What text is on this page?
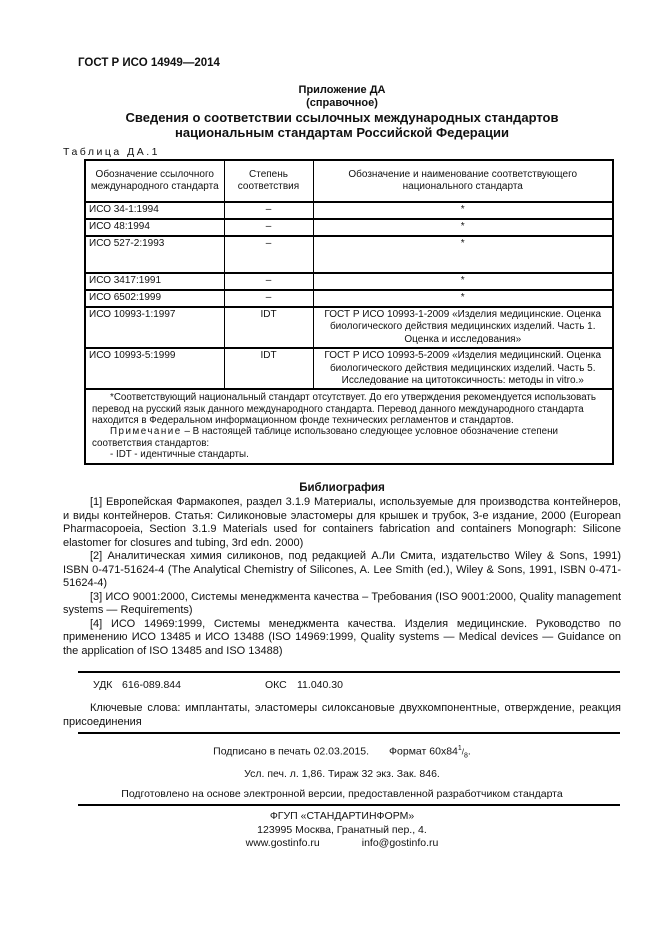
ГОСТ Р ИСО 14949—2014
Приложение ДА
(справочное)
Сведения о соответствии ссылочных международных стандартов
национальным стандартам Российской Федерации
Таблица ДА.1
Обозначение ссылочного международного стандарта	Степень соответствия	Обозначение и наименование соответствующего национального стандарта
ИСО 34-1:1994	–	*
ИСО 48:1994	–	*
ИСО 527-2:1993	–	*
ИСО 3417:1991	–	*
ИСО 6502:1999	–	*
ИСО 10993-1:1997	IDT	ГОСТ Р ИСО 10993-1-2009 «Изделия медицинские. Оценка биологического действия медицинских изделий. Часть 1. Оценка и исследования»
ИСО 10993-5:1999	IDT	ГОСТ Р ИСО 10993-5-2009 «Изделия медицинский. Оценка биологического действия медицинских изделий. Часть 5. Исследование на цитотоксичность: методы in vitro.»

*Соответствующий национальный стандарт отсутствует. До его утверждения рекомендуется использовать перевод на русский язык данного международного стандарта. Перевод данного международного стандарта находится в Федеральном информационном фонде технических регламентов и стандартов.

Примечание – В настоящей таблице использовано следующее условное обозначение степени соответствия стандартов:

- IDT - идентичные стандарты.		

Библиография

[1] Европейская Фармакопея, раздел 3.1.9 Материалы, используемые для производства контейнеров, и виды контейнеров. Статья: Силиконовые эластомеры для крышек и трубок, 3-е издание, 2000 (European Pharmacopoeia, Section 3.1.9 Materials used for containers fabrication and containers Monograph: Silicone elastomer for closures and tubing, 3rd edn. 2000)

[2] Аналитическая химия силиконов, под редакцией А.Ли Смита, издательство Wiley & Sons, 1991) ISBN 0-471-51624-4 (The Analytical Chemistry of Silicones, A. Lee Smith (ed.), Wiley & Sons, 1991, ISBN 0-471-51624-4)

[3] ИСО 9001:2000, Системы менеджмента качества – Требования (ISO 9001:2000, Quality management systems — Requirements)

[4] ИСО 14969:1999, Системы менеджмента качества. Изделия медицинские. Руководство по применению ИСО 13485 и ИСО 13488 (ISO 14969:1999, Quality systems — Medical devices — Guidance on the application of ISO 13485 and ISO 13488)

УДК 616-089.844	ОКС 11.040.30

Ключевые слова: имплантаты, эластомеры силоксановые двухкомпонентные, отверждение, реакция присоединения

Подписано в печать 02.03.2015. Формат $60х84^1/_8$.
Усл. печ. л. 1,86. Тираж 32 экз. Зак. 846.
Подготовлено на основе электронной версии, предоставленной разработчиком стандарта
ФГУП «СТАНДАРТИНФОРМ»
123995 Москва, Гранатный пер., 4.
www.gostinfo.ru	info@gostinfo.ru
